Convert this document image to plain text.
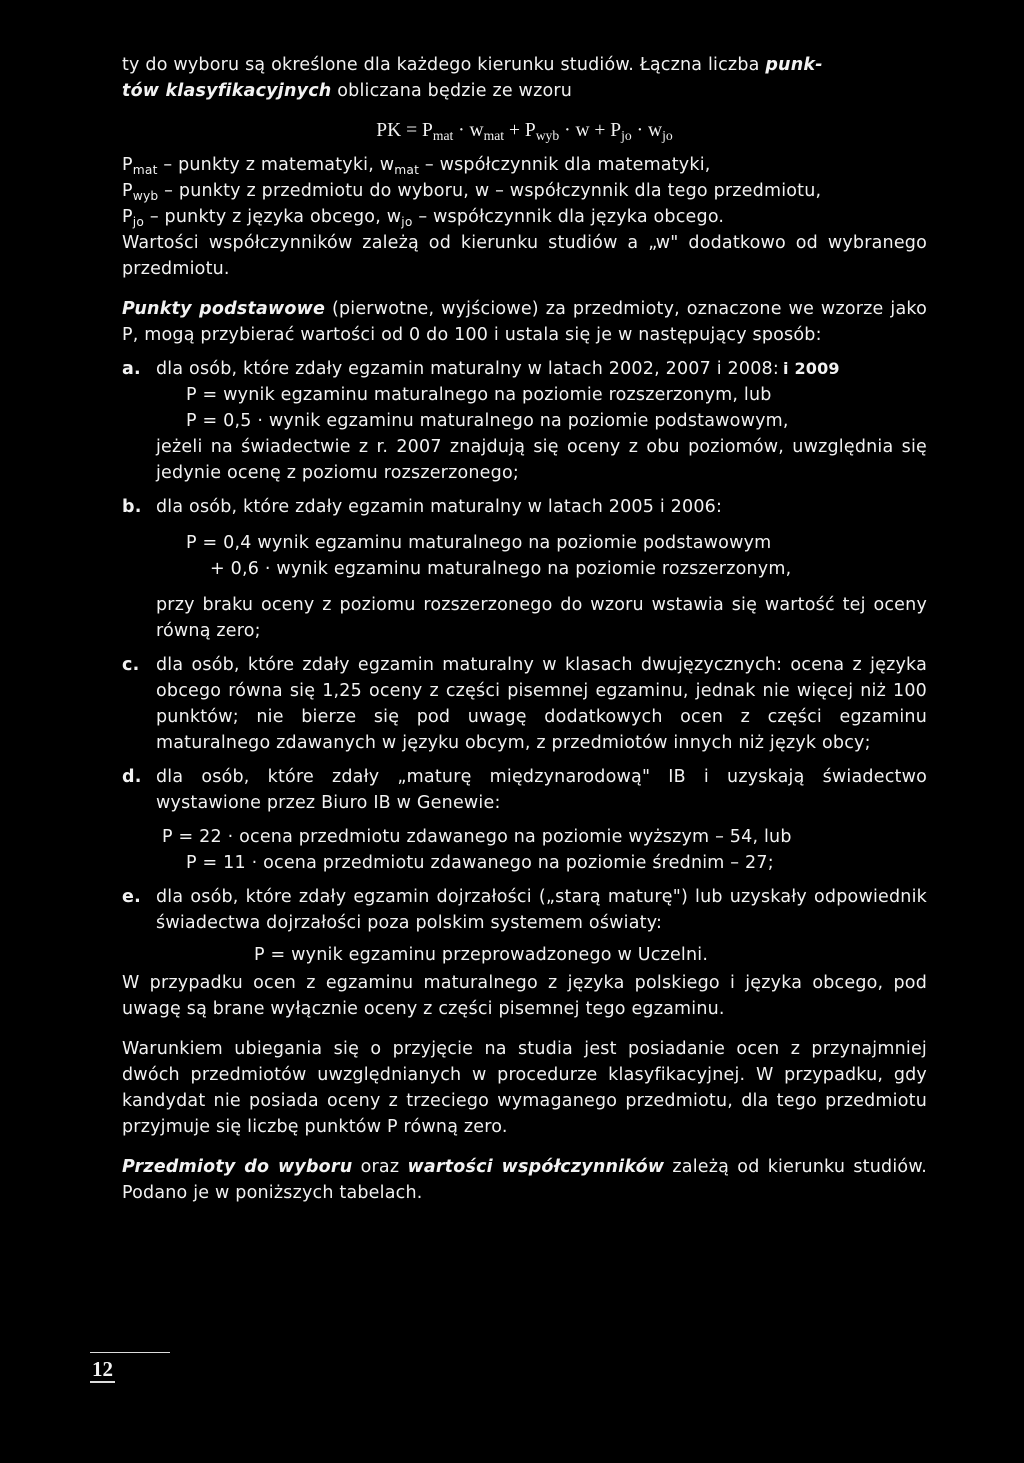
ty do wyboru są określone dla każdego kierunku studiów. Łączna liczba punk-
tów klasyfikacyjnych obliczana będzie ze wzoru

PK = $P_{mat} \cdot w_{mat} + P_{wyb} \cdot w + P_{jo} \cdot w_{jo}$

$P_{mat}$ – punkty z matematyki, $w_{mat}$ – współczynnik dla matematyki,

$P_{wyb}$ – punkty z przedmiotu do wyboru, w – współczynnik dla tego przedmiotu,

$P_{jo}$ – punkty z języka obcego, $w_{jo}$ – współczynnik dla języka obcego.

Wartości współczynników zależą od kierunku studiów a „w" dodatkowo od wybranego przedmiotu.

Punkty podstawowe (pierwotne, wyjściowe) za przedmioty, oznaczone we wzorze jako P, mogą przybierać wartości od 0 do 100 i ustala się je w następujący sposób:

a. dla osób, które zdały egzamin maturalny w latach 2002, 2007 i 2008: i 2009

P = wynik egzaminu maturalnego na poziomie rozszerzonym, lub

P = 0,5 · wynik egzaminu maturalnego na poziomie podstawowym,

jeżeli na świadectwie z r. 2007 znajdują się oceny z obu poziomów, uwzględnia się jedynie ocenę z poziomu rozszerzonego;

b. dla osób, które zdały egzamin maturalny w latach 2005 i 2006:

P = 0,4 wynik egzaminu maturalnego na poziomie podstawowym

+ 0,6 · wynik egzaminu maturalnego na poziomie rozszerzonym,

przy braku oceny z poziomu rozszerzonego do wzoru wstawia się wartość tej oceny równą zero;

c. dla osób, które zdały egzamin maturalny w klasach dwujęzycznych: ocena z języka obcego równa się 1,25 oceny z części pisemnej egzaminu, jednak nie więcej niż 100 punktów; nie bierze się pod uwagę dodatkowych ocen z części egzaminu maturalnego zdawanych w języku obcym, z przedmiotów innych niż język obcy;

d. dla osób, które zdały „maturę międzynarodową" IB i uzyskają świadectwo wystawione przez Biuro IB w Genewie:

P = 22 · ocena przedmiotu zdawanego na poziomie wyższym – 54, lub

P = 11 · ocena przedmiotu zdawanego na poziomie średnim – 27;

e. dla osób, które zdały egzamin dojrzałości („starą maturę") lub uzyskały odpowiednik świadectwa dojrzałości poza polskim systemem oświaty:

P = wynik egzaminu przeprowadzonego w Uczelni.

W przypadku ocen z egzaminu maturalnego z języka polskiego i języka obcego, pod uwagę są brane wyłącznie oceny z części pisemnej tego egzaminu.

Warunkiem ubiegania się o przyjęcie na studia jest posiadanie ocen z przynajmniej dwóch przedmiotów uwzględnianych w procedurze klasyfikacyjnej. W przypadku, gdy kandydat nie posiada oceny z trzeciego wymaganego przedmiotu, dla tego przedmiotu przyjmuje się liczbę punktów P równą zero.

Przedmioty do wyboru oraz wartości współczynników zależą od kierunku studiów. Podano je w poniższych tabelach.

12
